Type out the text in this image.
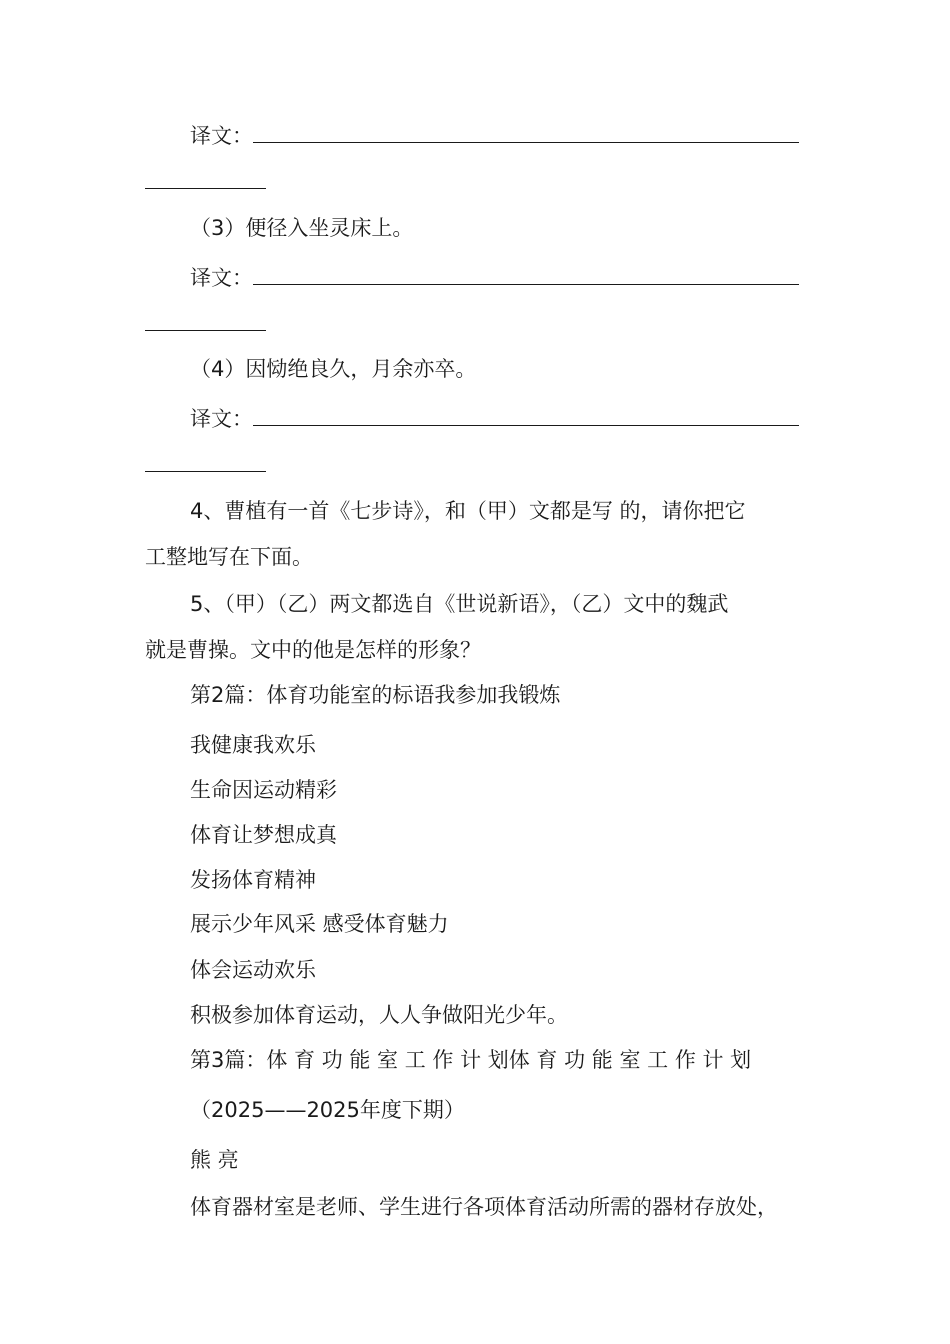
译文：
（3）便径入坐灵床上。
译文：
（4）因恸绝良久，月余亦卒。
译文：
4、曹植有一首《七步诗》，和（甲）文都是写 的，请你把它
工整地写在下面。
5、（甲）（乙）两文都选自《世说新语》，（乙）文中的魏武
就是曹操。文中的他是怎样的形象？
第2篇：体育功能室的标语我参加我锻炼
我健康我欢乐
生命因运动精彩
体育让梦想成真
发扬体育精神
展示少年风采 感受体育魅力
体会运动欢乐
积极参加体育运动，人人争做阳光少年。
第3篇：体 育 功 能 室 工 作 计 划体 育 功 能 室 工 作 计 划
（2025——2025年度下期）
熊 亮
体育器材室是老师、学生进行各项体育活动所需的器材存放处，
